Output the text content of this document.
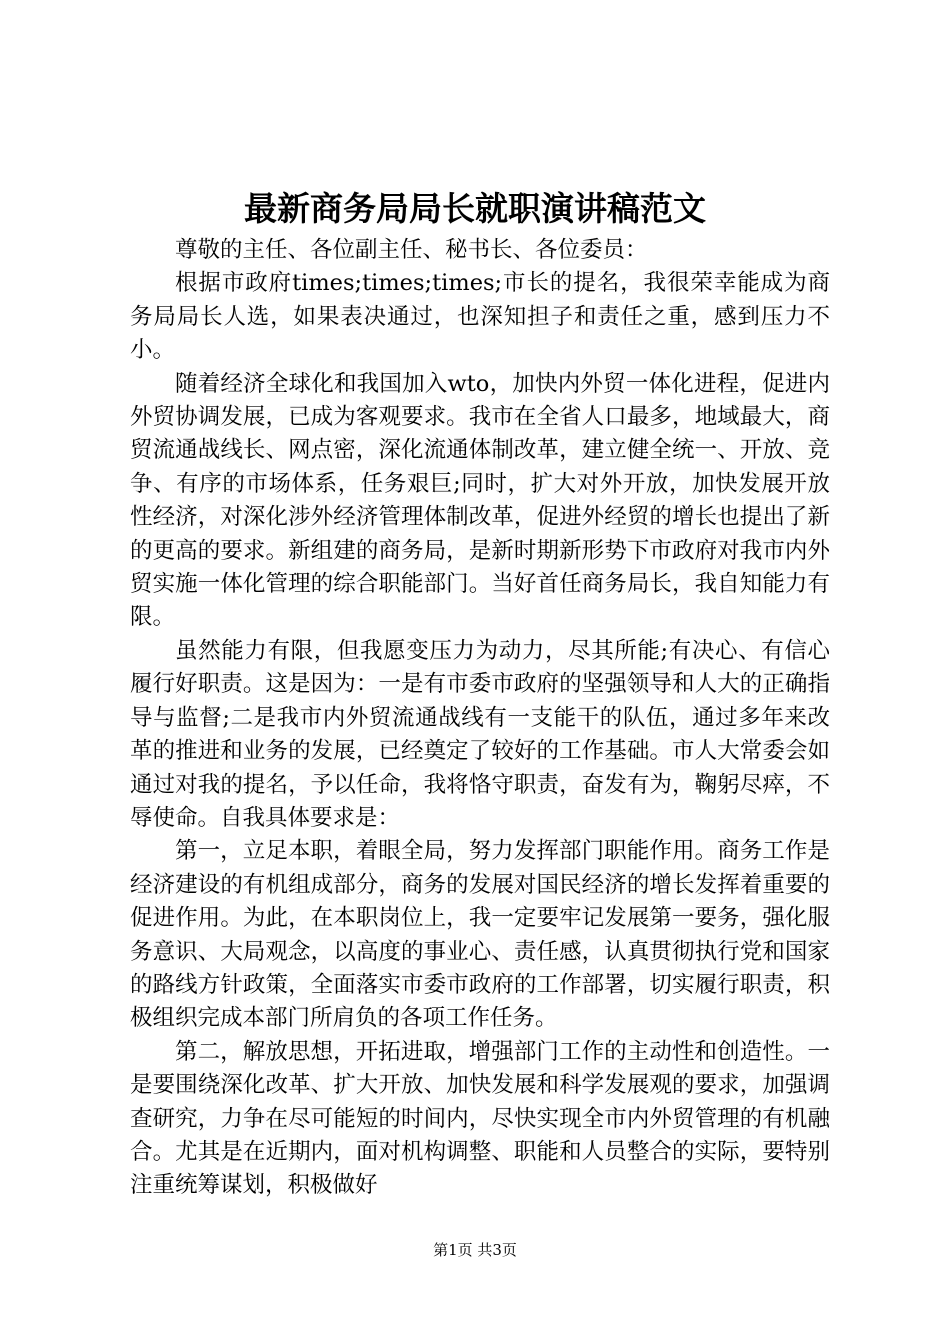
最新商务局局长就职演讲稿范文

尊敬的主任、各位副主任、秘书长、各位委员：

根据市政府times;times;times;市长的提名，我很荣幸能成为商务局局长人选，如果表决通过，也深知担子和责任之重，感到压力不小。

随着经济全球化和我国加入wto，加快内外贸一体化进程，促进内外贸协调发展，已成为客观要求。我市在全省人口最多，地域最大，商贸流通战线长、网点密，深化流通体制改革，建立健全统一、开放、竞争、有序的市场体系，任务艰巨;同时，扩大对外开放，加快发展开放性经济，对深化涉外经济管理体制改革，促进外经贸的增长也提出了新的更高的要求。新组建的商务局，是新时期新形势下市政府对我市内外贸实施一体化管理的综合职能部门。当好首任商务局长，我自知能力有限。

虽然能力有限，但我愿变压力为动力，尽其所能;有决心、有信心履行好职责。这是因为：一是有市委市政府的坚强领导和人大的正确指导与监督;二是我市内外贸流通战线有一支能干的队伍，通过多年来改革的推进和业务的发展，已经奠定了较好的工作基础。市人大常委会如通过对我的提名，予以任命，我将恪守职责，奋发有为，鞠躬尽瘁，不辱使命。自我具体要求是：

第一，立足本职，着眼全局，努力发挥部门职能作用。商务工作是经济建设的有机组成部分，商务的发展对国民经济的增长发挥着重要的促进作用。为此，在本职岗位上，我一定要牢记发展第一要务，强化服务意识、大局观念，以高度的事业心、责任感，认真贯彻执行党和国家的路线方针政策，全面落实市委市政府的工作部署，切实履行职责，积极组织完成本部门所肩负的各项工作任务。

第二，解放思想，开拓进取，增强部门工作的主动性和创造性。一是要围绕深化改革、扩大开放、加快发展和科学发展观的要求，加强调查研究，力争在尽可能短的时间内，尽快实现全市内外贸管理的有机融合。尤其是在近期内，面对机构调整、职能和人员整合的实际，要特别注重统筹谋划，积极做好

第1页 共3页
